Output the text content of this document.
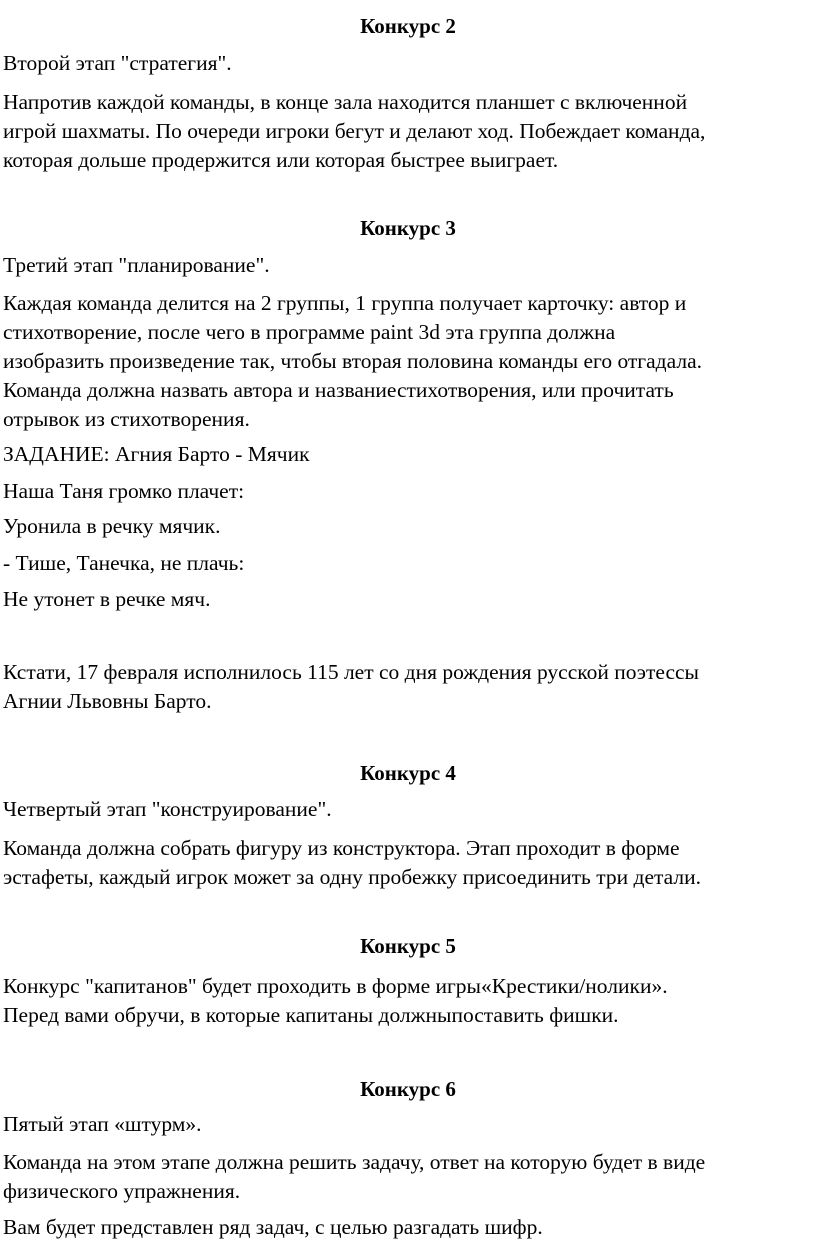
Конкурс 2
Второй этап "стратегия".
Напротив каждой команды, в конце зала находится планшет с включенной
игрой шахматы. По очереди игроки бегут и делают ход. Побеждает команда,
которая дольше продержится или которая быстрее выиграет.
Конкурс 3
Третий этап "планирование".
Каждая команда делится на 2 группы, 1 группа получает карточку: автор и
стихотворение, после чего в программе paint 3d эта группа должна
изобразить произведение так, чтобы вторая половина команды его отгадала.
Команда должна назвать автора и названиестихотворения, или прочитать
отрывок из стихотворения.
ЗАДАНИЕ: Агния Барто - Мячик
Наша Таня громко плачет:
Уронила в речку мячик.
- Тише, Танечка, не плачь:
Не утонет в речке мяч.
Кстати, 17 февраля исполнилось 115 лет со дня рождения русской поэтессы
Агнии Львовны Барто.
Конкурс 4
Четвертый этап "конструирование".
Команда должна собрать фигуру из конструктора. Этап проходит в форме
эстафеты, каждый игрок может за одну пробежку присоединить три детали.
Конкурс 5
Конкурс "капитанов" будет проходить в форме игры«Крестики/нолики».
Перед вами обручи, в которые капитаны должныпоставить фишки.
Конкурс 6
Пятый этап «штурм».
Команда на этом этапе должна решить задачу, ответ на которую будет в виде
физического упражнения.
Вам будет представлен ряд задач, с целью разгадать шифр.
